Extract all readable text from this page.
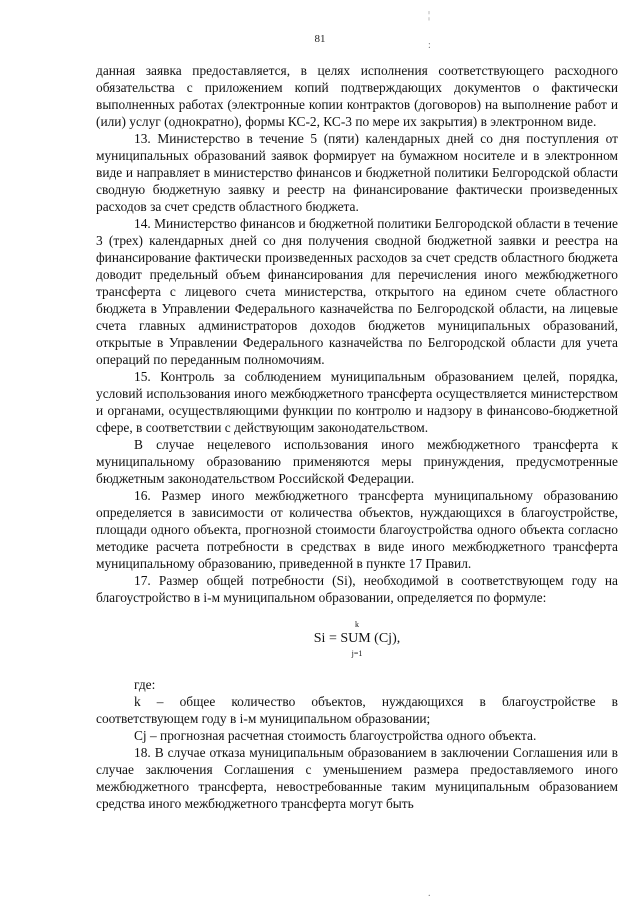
81

данная заявка предоставляется, в целях исполнения соответствующего расходного обязательства с приложением копий подтверждающих документов о фактически выполненных работах (электронные копии контрактов (договоров) на выполнение работ и (или) услуг (однократно), формы КС-2, КС-3 по мере их закрытия) в электронном виде.

13. Министерство в течение 5 (пяти) календарных дней со дня поступления от муниципальных образований заявок формирует на бумажном носителе и в электронном виде и направляет в министерство финансов и бюджетной политики Белгородской области сводную бюджетную заявку и реестр на финансирование фактически произведенных расходов за счет средств областного бюджета.

14. Министерство финансов и бюджетной политики Белгородской области в течение 3 (трех) календарных дней со дня получения сводной бюджетной заявки и реестра на финансирование фактически произведенных расходов за счет средств областного бюджета доводит предельный объем финансирования для перечисления иного межбюджетного трансферта с лицевого счета министерства, открытого на едином счете областного бюджета в Управлении Федерального казначейства по Белгородской области, на лицевые счета главных администраторов доходов бюджетов муниципальных образований, открытые в Управлении Федерального казначейства по Белгородской области для учета операций по переданным полномочиям.

15. Контроль за соблюдением муниципальным образованием целей, порядка, условий использования иного межбюджетного трансферта осуществляется министерством и органами, осуществляющими функции по контролю и надзору в финансово-бюджетной сфере, в соответствии с действующим законодательством.

В случае нецелевого использования иного межбюджетного трансферта к муниципальному образованию применяются меры принуждения, предусмотренные бюджетным законодательством Российской Федерации.

16. Размер иного межбюджетного трансферта муниципальному образованию определяется в зависимости от количества объектов, нуждающихся в благоустройстве, площади одного объекта, прогнозной стоимости благоустройства одного объекта согласно методике расчета потребности в средствах в виде иного межбюджетного трансферта муниципальному образованию, приведенной в пункте 17 Правил.

17. Размер общей потребности (Si), необходимой в соответствующем году на благоустройство в i-м муниципальном образовании, определяется по формуле:

k
Si = SUM (Cj),
j=1

где:

k – общее количество объектов, нуждающихся в благоустройстве в соответствующем году в i-м муниципальном образовании;

Cj – прогнозная расчетная стоимость благоустройства одного объекта.

18. В случае отказа муниципальным образованием в заключении Соглашения или в случае заключения Соглашения с уменьшением размера предоставляемого иного межбюджетного трансферта, невостребованные таким муниципальным образованием средства иного межбюджетного трансферта могут быть

¦
:
.
